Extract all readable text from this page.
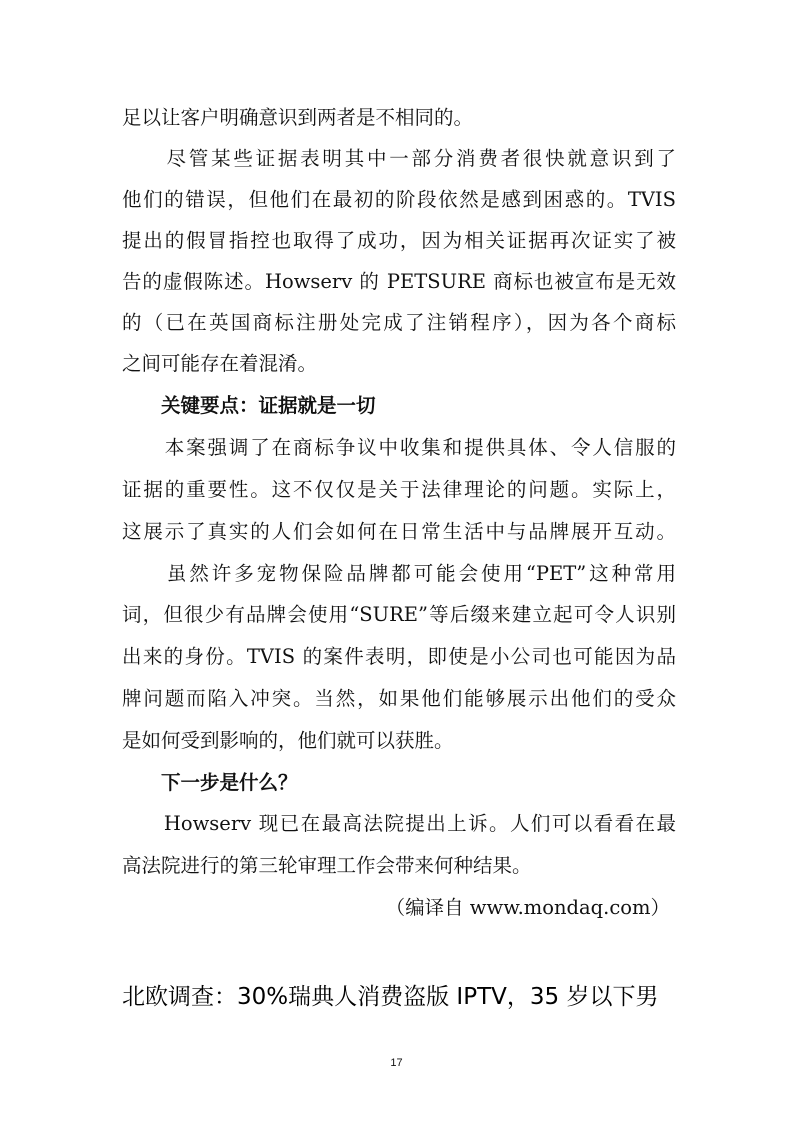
足以让客户明确意识到两者是不相同的。

　　尽管某些证据表明其中一部分消费者很快就意识到了

他们的错误，但他们在最初的阶段依然是感到困惑的。TVIS

提出的假冒指控也取得了成功，因为相关证据再次证实了被

告的虚假陈述。Howserv 的 PETSURE 商标也被宣布是无效

的（已在英国商标注册处完成了注销程序），因为各个商标

之间可能存在着混淆。

　　关键要点：证据就是一切

　　本案强调了在商标争议中收集和提供具体、令人信服的

证据的重要性。这不仅仅是关于法律理论的问题。实际上，

这展示了真实的人们会如何在日常生活中与品牌展开互动。

　　虽然许多宠物保险品牌都可能会使用“PET”这种常用

词，但很少有品牌会使用“SURE”等后缀来建立起可令人识别

出来的身份。TVIS 的案件表明，即使是小公司也可能因为品

牌问题而陷入冲突。当然，如果他们能够展示出他们的受众

是如何受到影响的，他们就可以获胜。

　　下一步是什么？

　　Howserv 现已在最高法院提出上诉。人们可以看看在最

高法院进行的第三轮审理工作会带来何种结果。

（编译自 www.mondaq.com）

北欧调查：30%瑞典人消费盗版 IPTV，35 岁以下男
17
